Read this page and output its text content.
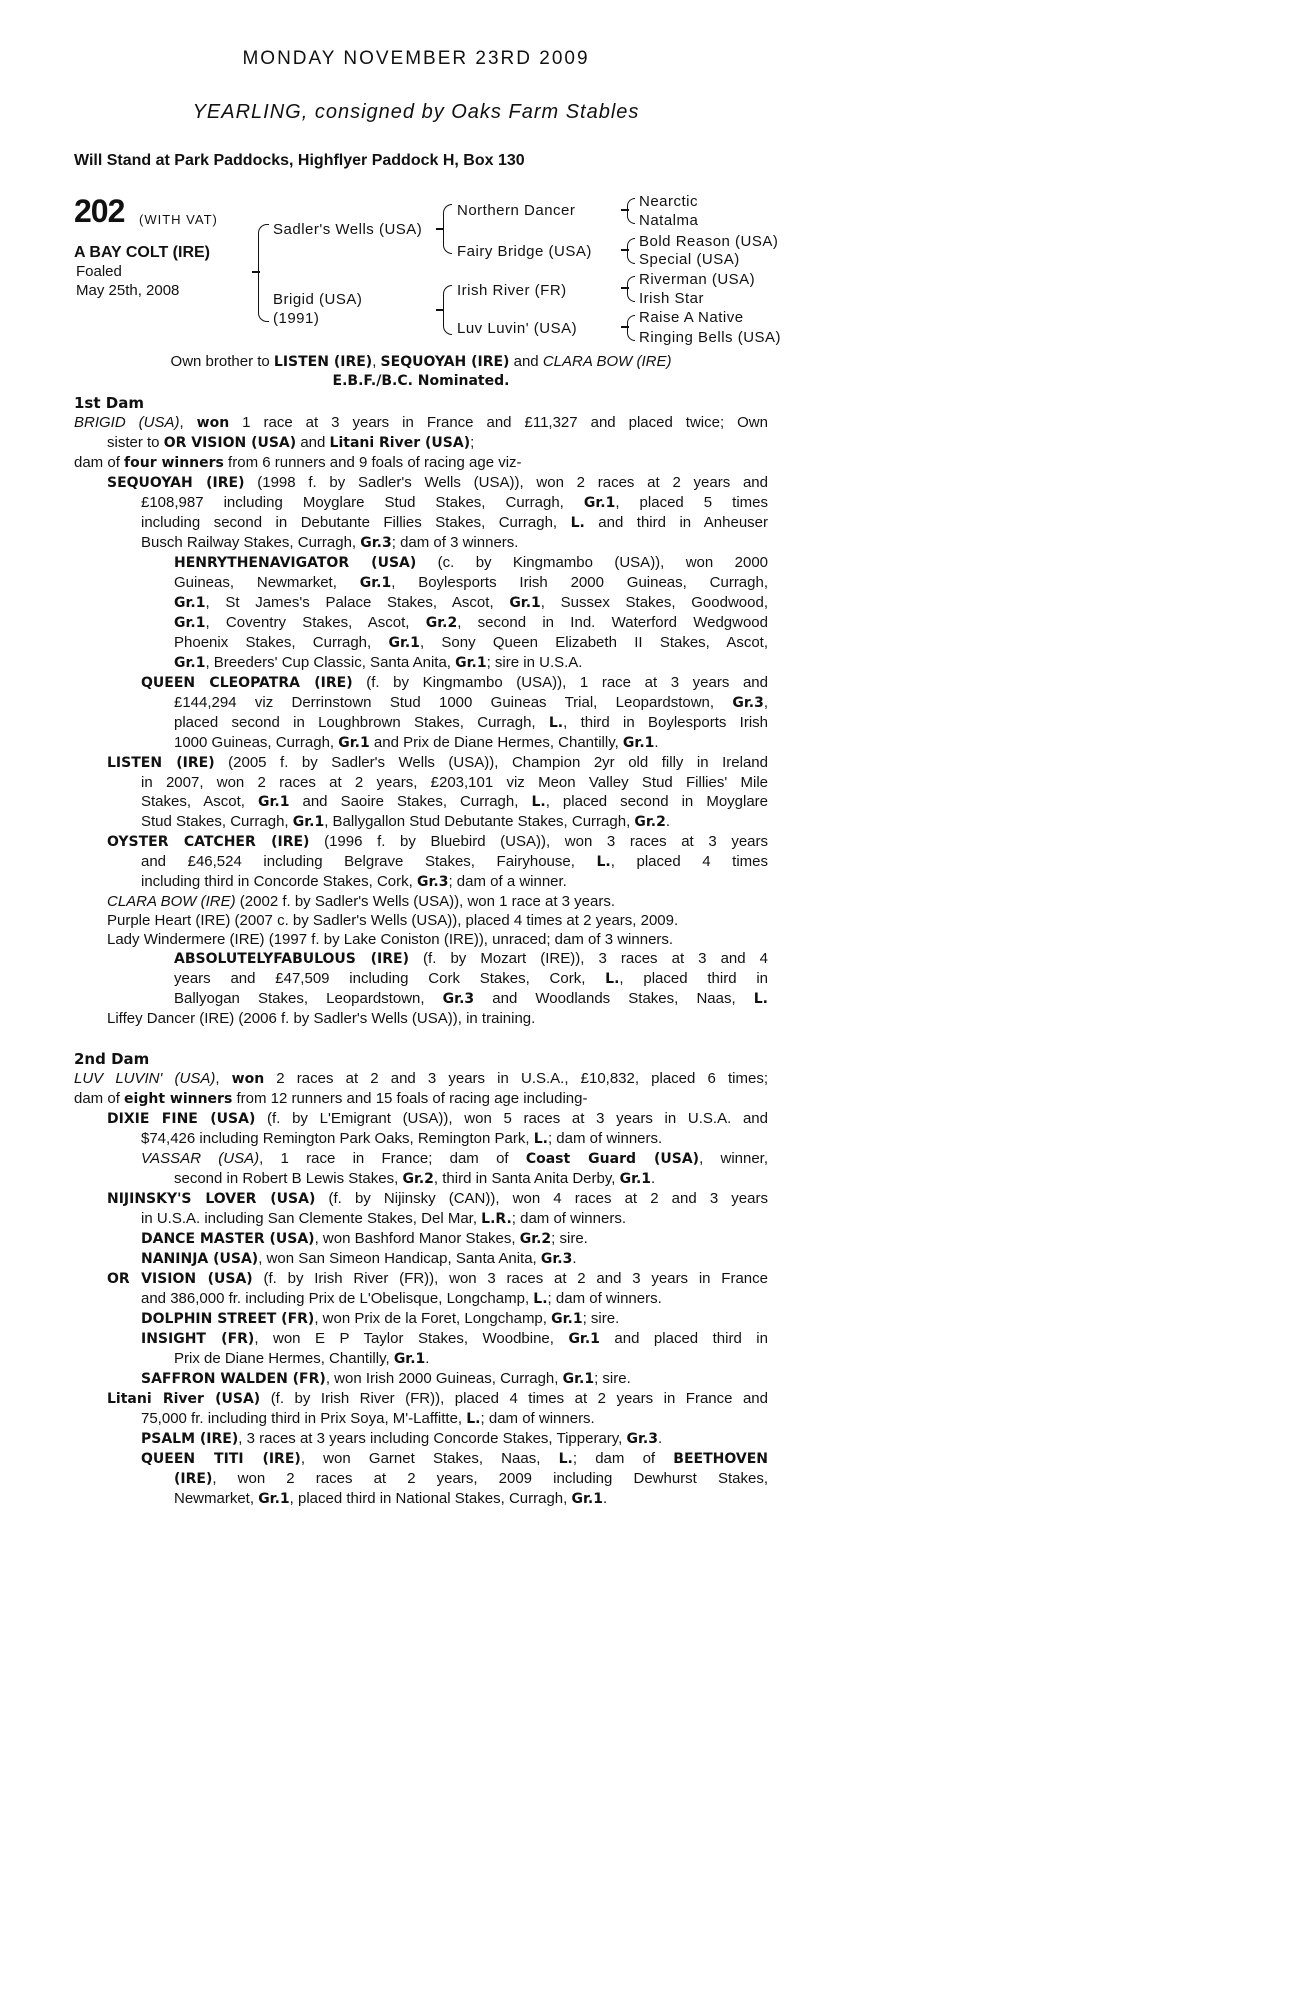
MONDAY NOVEMBER 23RD 2009
YEARLING, consigned by Oaks Farm Stables
Will Stand at Park Paddocks, Highflyer Paddock H, Box 130
202 (WITH VAT)
A BAY COLT (IRE)
Foaled
May 25th, 2008
Sadler's Wells (USA)
Brigid (USA)
(1991)
Northern Dancer
Fairy Bridge (USA)
Irish River (FR)
Luv Luvin' (USA)
Nearctic
Natalma
Bold Reason (USA)
Special (USA)
Riverman (USA)
Irish Star
Raise A Native
Ringing Bells (USA)
Own brother to LISTEN (IRE), SEQUOYAH (IRE) and CLARA BOW (IRE)
E.B.F./B.C. Nominated.
1st Dam
BRIGID (USA), won 1 race at 3 years in France and £11,327 and placed twice; Own
sister to OR VISION (USA) and Litani River (USA);
dam of four winners from 6 runners and 9 foals of racing age viz-
SEQUOYAH (IRE) (1998 f. by Sadler's Wells (USA)), won 2 races at 2 years and
£108,987 including Moyglare Stud Stakes, Curragh, Gr.1, placed 5 times
including second in Debutante Fillies Stakes, Curragh, L. and third in Anheuser
Busch Railway Stakes, Curragh, Gr.3; dam of 3 winners.
HENRYTHENAVIGATOR (USA) (c. by Kingmambo (USA)), won 2000
Guineas, Newmarket, Gr.1, Boylesports Irish 2000 Guineas, Curragh,
Gr.1, St James's Palace Stakes, Ascot, Gr.1, Sussex Stakes, Goodwood,
Gr.1, Coventry Stakes, Ascot, Gr.2, second in Ind. Waterford Wedgwood
Phoenix Stakes, Curragh, Gr.1, Sony Queen Elizabeth II Stakes, Ascot,
Gr.1, Breeders' Cup Classic, Santa Anita, Gr.1; sire in U.S.A.
QUEEN CLEOPATRA (IRE) (f. by Kingmambo (USA)), 1 race at 3 years and
£144,294 viz Derrinstown Stud 1000 Guineas Trial, Leopardstown, Gr.3,
placed second in Loughbrown Stakes, Curragh, L., third in Boylesports Irish
1000 Guineas, Curragh, Gr.1 and Prix de Diane Hermes, Chantilly, Gr.1.
LISTEN (IRE) (2005 f. by Sadler's Wells (USA)), Champion 2yr old filly in Ireland
in 2007, won 2 races at 2 years, £203,101 viz Meon Valley Stud Fillies' Mile
Stakes, Ascot, Gr.1 and Saoire Stakes, Curragh, L., placed second in Moyglare
Stud Stakes, Curragh, Gr.1, Ballygallon Stud Debutante Stakes, Curragh, Gr.2.
OYSTER CATCHER (IRE) (1996 f. by Bluebird (USA)), won 3 races at 3 years
and £46,524 including Belgrave Stakes, Fairyhouse, L., placed 4 times
including third in Concorde Stakes, Cork, Gr.3; dam of a winner.
CLARA BOW (IRE) (2002 f. by Sadler's Wells (USA)), won 1 race at 3 years.
Purple Heart (IRE) (2007 c. by Sadler's Wells (USA)), placed 4 times at 2 years, 2009.
Lady Windermere (IRE) (1997 f. by Lake Coniston (IRE)), unraced; dam of 3 winners.
ABSOLUTELYFABULOUS (IRE) (f. by Mozart (IRE)), 3 races at 3 and 4
years and £47,509 including Cork Stakes, Cork, L., placed third in
Ballyogan Stakes, Leopardstown, Gr.3 and Woodlands Stakes, Naas, L.
Liffey Dancer (IRE) (2006 f. by Sadler's Wells (USA)), in training.
2nd Dam
LUV LUVIN' (USA), won 2 races at 2 and 3 years in U.S.A., £10,832, placed 6 times;
dam of eight winners from 12 runners and 15 foals of racing age including-
DIXIE FINE (USA) (f. by L'Emigrant (USA)), won 5 races at 3 years in U.S.A. and
$74,426 including Remington Park Oaks, Remington Park, L.; dam of winners.
VASSAR (USA), 1 race in France; dam of Coast Guard (USA), winner,
second in Robert B Lewis Stakes, Gr.2, third in Santa Anita Derby, Gr.1.
NIJINSKY'S LOVER (USA) (f. by Nijinsky (CAN)), won 4 races at 2 and 3 years
in U.S.A. including San Clemente Stakes, Del Mar, L.R.; dam of winners.
DANCE MASTER (USA), won Bashford Manor Stakes, Gr.2; sire.
NANINJA (USA), won San Simeon Handicap, Santa Anita, Gr.3.
OR VISION (USA) (f. by Irish River (FR)), won 3 races at 2 and 3 years in France
and 386,000 fr. including Prix de L'Obelisque, Longchamp, L.; dam of winners.
DOLPHIN STREET (FR), won Prix de la Foret, Longchamp, Gr.1; sire.
INSIGHT (FR), won E P Taylor Stakes, Woodbine, Gr.1 and placed third in
Prix de Diane Hermes, Chantilly, Gr.1.
SAFFRON WALDEN (FR), won Irish 2000 Guineas, Curragh, Gr.1; sire.
Litani River (USA) (f. by Irish River (FR)), placed 4 times at 2 years in France and
75,000 fr. including third in Prix Soya, M'-Laffitte, L.; dam of winners.
PSALM (IRE), 3 races at 3 years including Concorde Stakes, Tipperary, Gr.3.
QUEEN TITI (IRE), won Garnet Stakes, Naas, L.; dam of BEETHOVEN
(IRE), won 2 races at 2 years, 2009 including Dewhurst Stakes,
Newmarket, Gr.1, placed third in National Stakes, Curragh, Gr.1.
